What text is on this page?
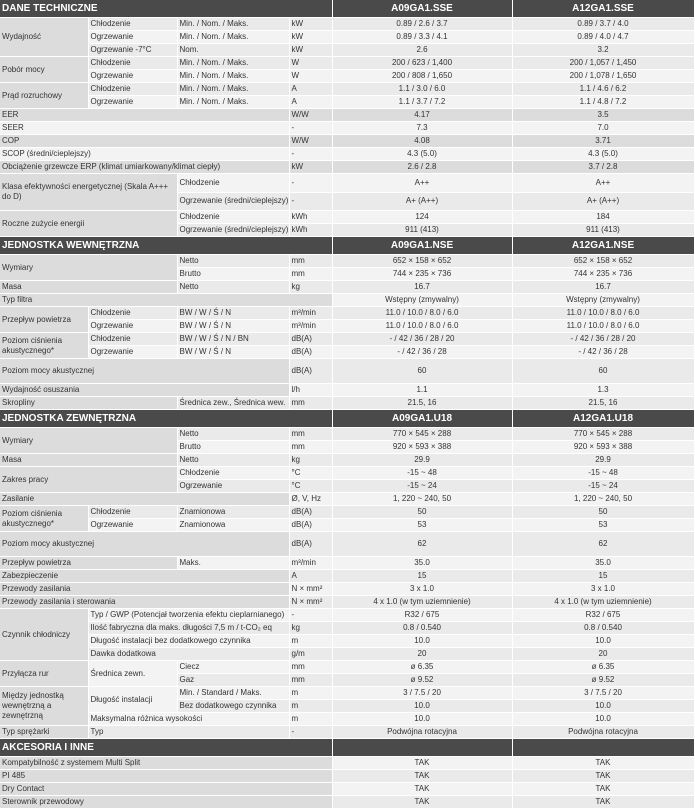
DANE TECHNICZNE				A09GA1.SSE	A12GA1.SSE
Wydajność	Chłodzenie	Min. / Nom. / Maks.	kW	0.89 / 2.6 / 3.7	0.89 / 3.7 / 4.0
	Ogrzewanie	Min. / Nom. / Maks.	kW	0.89 / 3.3 / 4.1	0.89 / 4.0 / 4.7
	Ogrzewanie -7°C	Nom.	kW	2.6	3.2
Pobór mocy	Chłodzenie	Min. / Nom. / Maks.	W	200 / 623 / 1,400	200 / 1,057 / 1,450
	Ogrzewanie	Min. / Nom. / Maks.	W	200 / 808 / 1,650	200 / 1,078 / 1,650
Prąd rozruchowy	Chłodzenie	Min. / Nom. / Maks.	A	1.1 / 3.0 / 6.0	1.1 / 4.6 / 6.2
	Ogrzewanie	Min. / Nom. / Maks.	A	1.1 / 3.7 / 7.2	1.1 / 4.8 / 7.2
EER			W/W	4.17	3.5
SEER			-	7.3	7.0
COP			W/W	4.08	3.71
SCOP (średni/cieplejszy)			-	4.3 (5.0)	4.3 (5.0)
Obciążenie grzewcze ERP (klimat umiarkowany/klimat ciepły)			kW	2.6 / 2.8	3.7 / 2.8
Klasa efektywności energetycznej (Skala A+++ do D)		Chłodzenie	-	A++	A++
		Ogrzewanie (średni/cieplejszy)	-	A+ (A++)	A+ (A++)
Roczne zużycie energii		Chłodzenie	kWh	124	184
		Ogrzewanie (średni/cieplejszy)	kWh	911 (413)	911 (413)
JEDNOSTKA WEWNĘTRZNA				A09GA1.NSE	A12GA1.NSE
Wymiary		Netto	mm	652 × 158 × 652	652 × 158 × 652
		Brutto	mm	744 × 235 × 736	744 × 235 × 736
Masa		Netto	kg	16.7	16.7
Typ filtra				Wstępny (zmywalny)	Wstępny (zmywalny)
Przepływ powietrza	Chłodzenie	BW / W / Ś / N	m³/min	11.0 / 10.0 / 8.0 / 6.0	11.0 / 10.0 / 8.0 / 6.0
	Ogrzewanie	BW / W / Ś / N	m³/min	11.0 / 10.0 / 8.0 / 6.0	11.0 / 10.0 / 8.0 / 6.0
Poziom ciśnienia akustycznego*	Chłodzenie	BW / W / Ś / N / BN	dB(A)	- / 42 / 36 / 28 / 20	- / 42 / 36 / 28 / 20
	Ogrzewanie	BW / W / Ś / N	dB(A)	- / 42 / 36 / 28	- / 42 / 36 / 28
Poziom mocy akustycznej			dB(A)	60	60
Wydajność osuszania			l/h	1.1	1.3
Skropliny		Średnica zew., Średnica wew.	mm	21.5, 16	21.5, 16
JEDNOSTKA ZEWNĘTRZNA				A09GA1.U18	A12GA1.U18
Wymiary		Netto	mm	770 × 545 × 288	770 × 545 × 288
		Brutto	mm	920 × 593 × 388	920 × 593 × 388
Masa		Netto	kg	29.9	29.9
Zakres pracy		Chłodzenie	°C	-15 ~ 48	-15 ~ 48
		Ogrzewanie	°C	-15 ~ 24	-15 ~ 24
Zasilanie			Ø, V, Hz	1, 220 ~ 240, 50	1, 220 ~ 240, 50
Poziom ciśnienia akustycznego*	Chłodzenie	Znamionowa	dB(A)	50	50
	Ogrzewanie	Znamionowa	dB(A)	53	53
Poziom mocy akustycznej			dB(A)	62	62
Przepływ powietrza		Maks.	m³/min	35.0	35.0
Zabezpieczenie			A	15	15
Przewody zasilania			N × mm²	3 x 1.0	3 x 1.0
Przewody zasilania i sterowania			N × mm²	4 x 1.0 (w tym uziemnienie)	4 x 1.0 (w tym uziemnienie)
Czynnik chłodniczy	Typ / GWP (Potencjał tworzenia efektu cieplarnianego)		-	R32 / 675	R32 / 675
	Ilość fabryczna dla maks. długości 7,5 m / t-CO₂ eq		kg	0.8 / 0.540	0.8 / 0.540
	Długość instalacji bez dodatkowego czynnika		m	10.0	10.0
	Dawka dodatkowa		g/m	20	20
Przyłącza rur	Średnica zewn.	Ciecz	mm	ø 6.35	ø 6.35
		Gaz	mm	ø 9.52	ø 9.52
Między jednostką wewnętrzną a zewnętrzną	Długość instalacji	Min. / Standard / Maks.	m	3 / 7.5 / 20	3 / 7.5 / 20
		Bez dodatkowego czynnika	m	10.0	10.0
	Maksymalna różnica wysokości		m	10.0	10.0
Typ sprężarki	Typ		-	Podwójna rotacyjna	Podwójna rotacyjna
AKCESORIA I INNE					
Kompatybilność z systemem Multi Split				TAK	TAK
PI 485				TAK	TAK
Dry Contact				TAK	TAK
Sterownik przewodowy				TAK	TAK
